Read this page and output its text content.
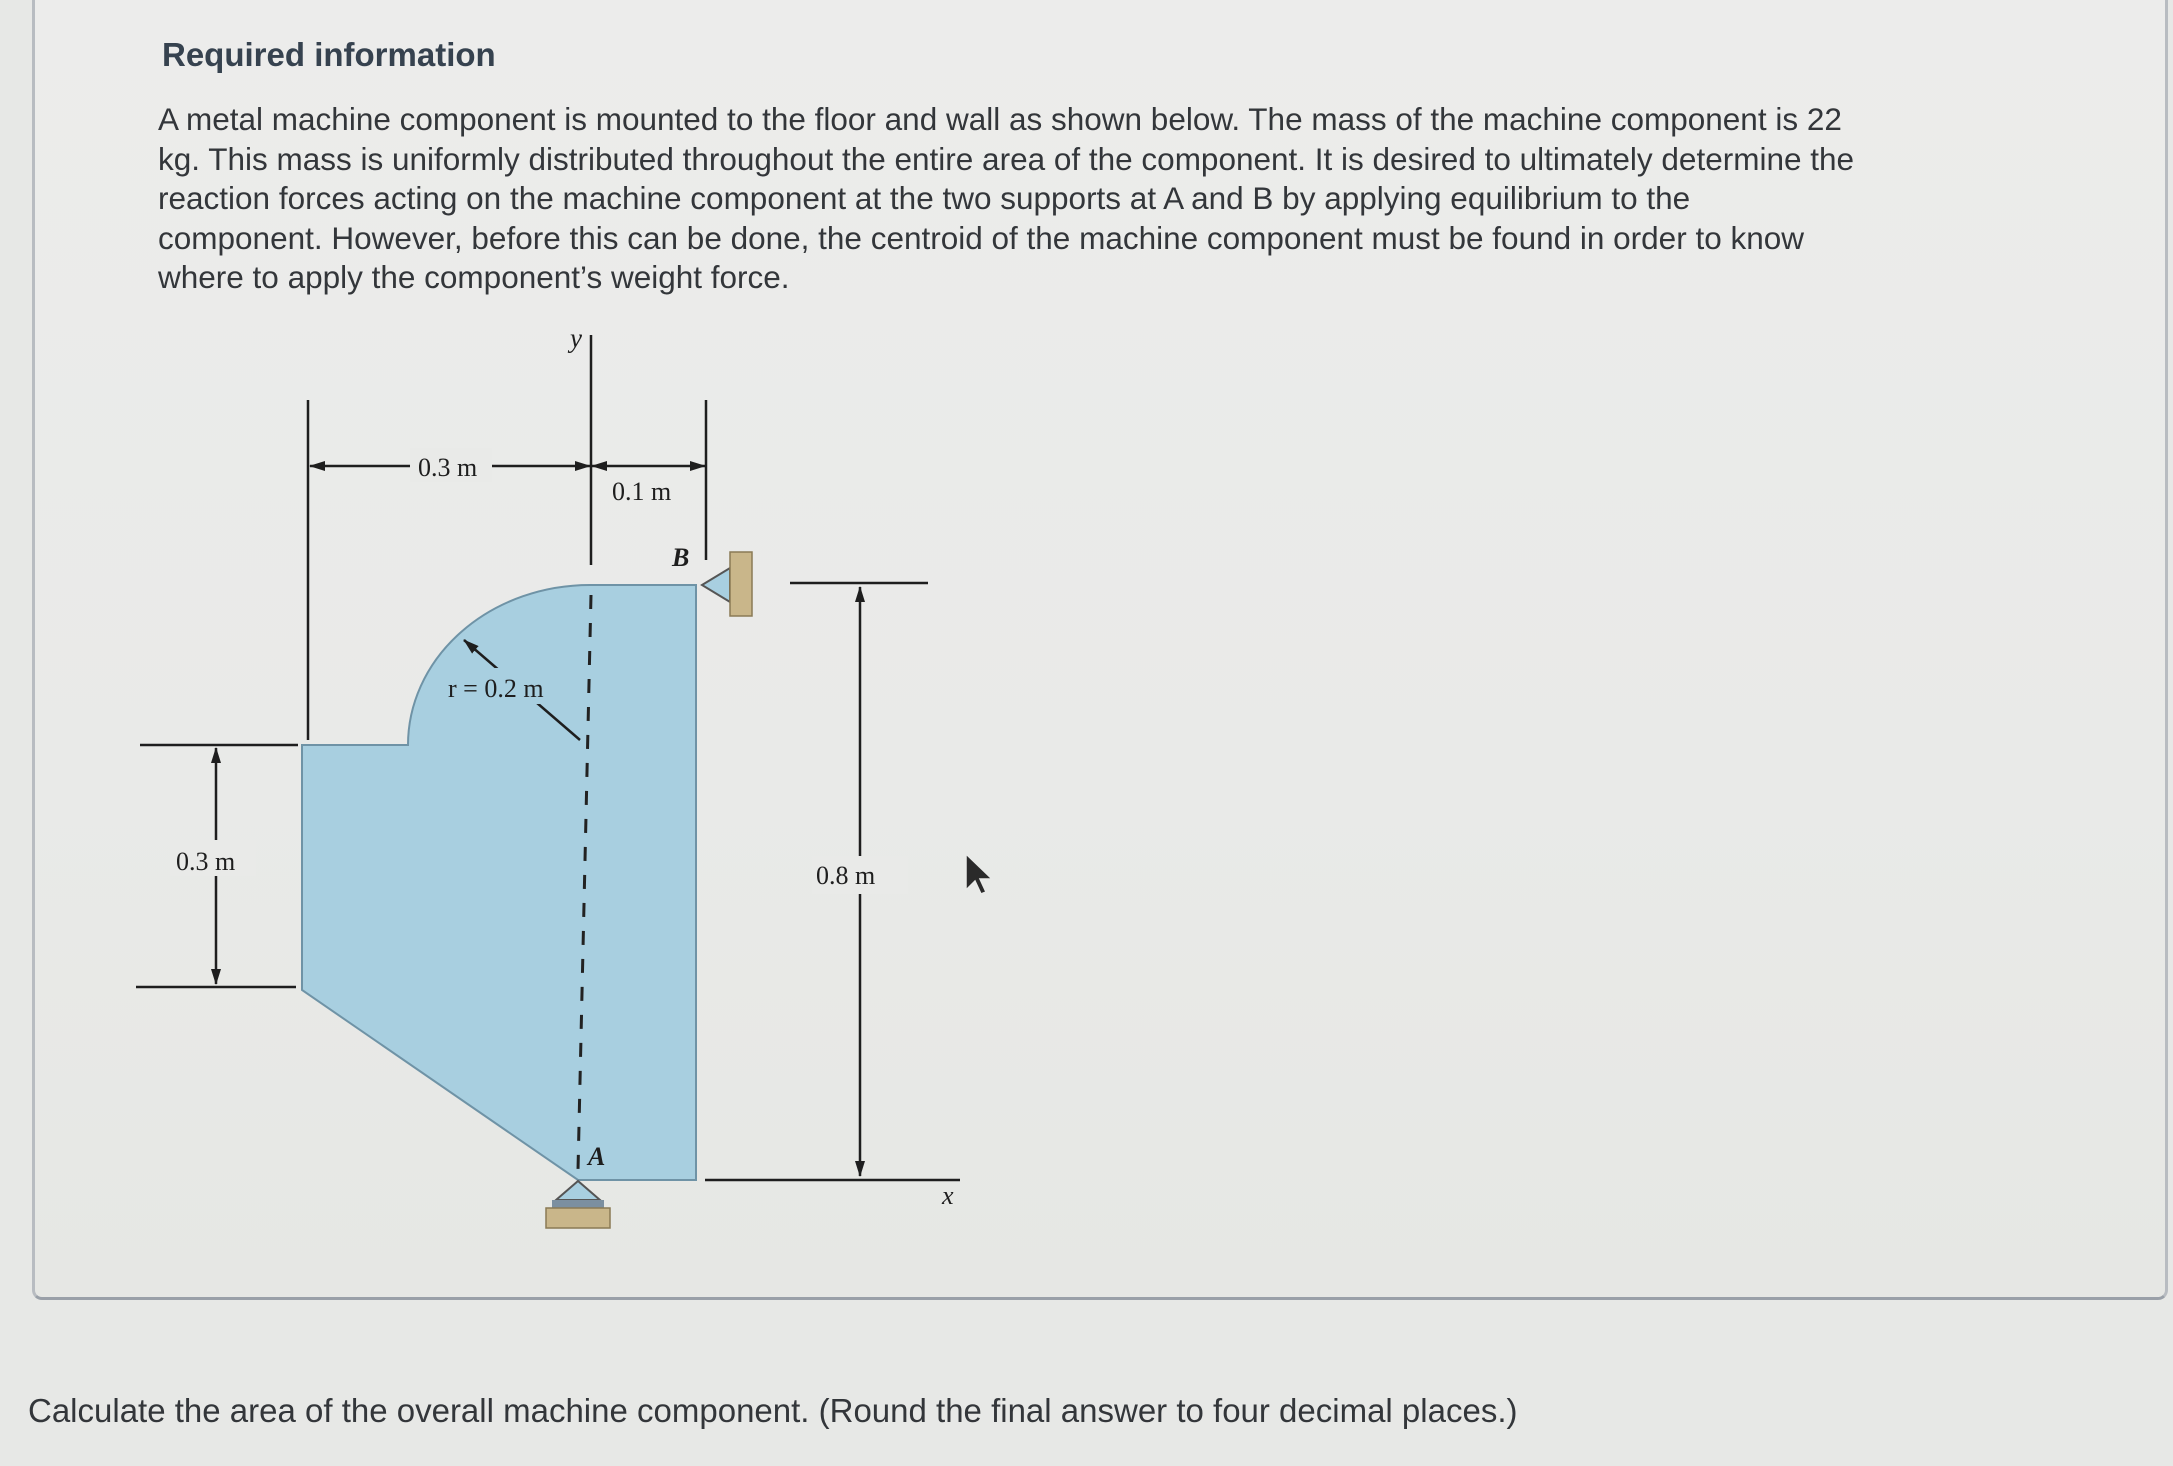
Required information
A metal machine component is mounted to the floor and wall as shown below. The mass of the machine component is 22
kg. This mass is uniformly distributed throughout the entire area of the component. It is desired to ultimately determine the
reaction forces acting on the machine component at the two supports at A and B by applying equilibrium to the
component. However, before this can be done, the centroid of the machine component must be found in order to know
where to apply the component’s weight force.
y
0.3 m
0.1 m
r = 0.2 m
B
A
0.3 m	0.8 m
x
Calculate the area of the overall machine component. (Round the final answer to four decimal places.)
